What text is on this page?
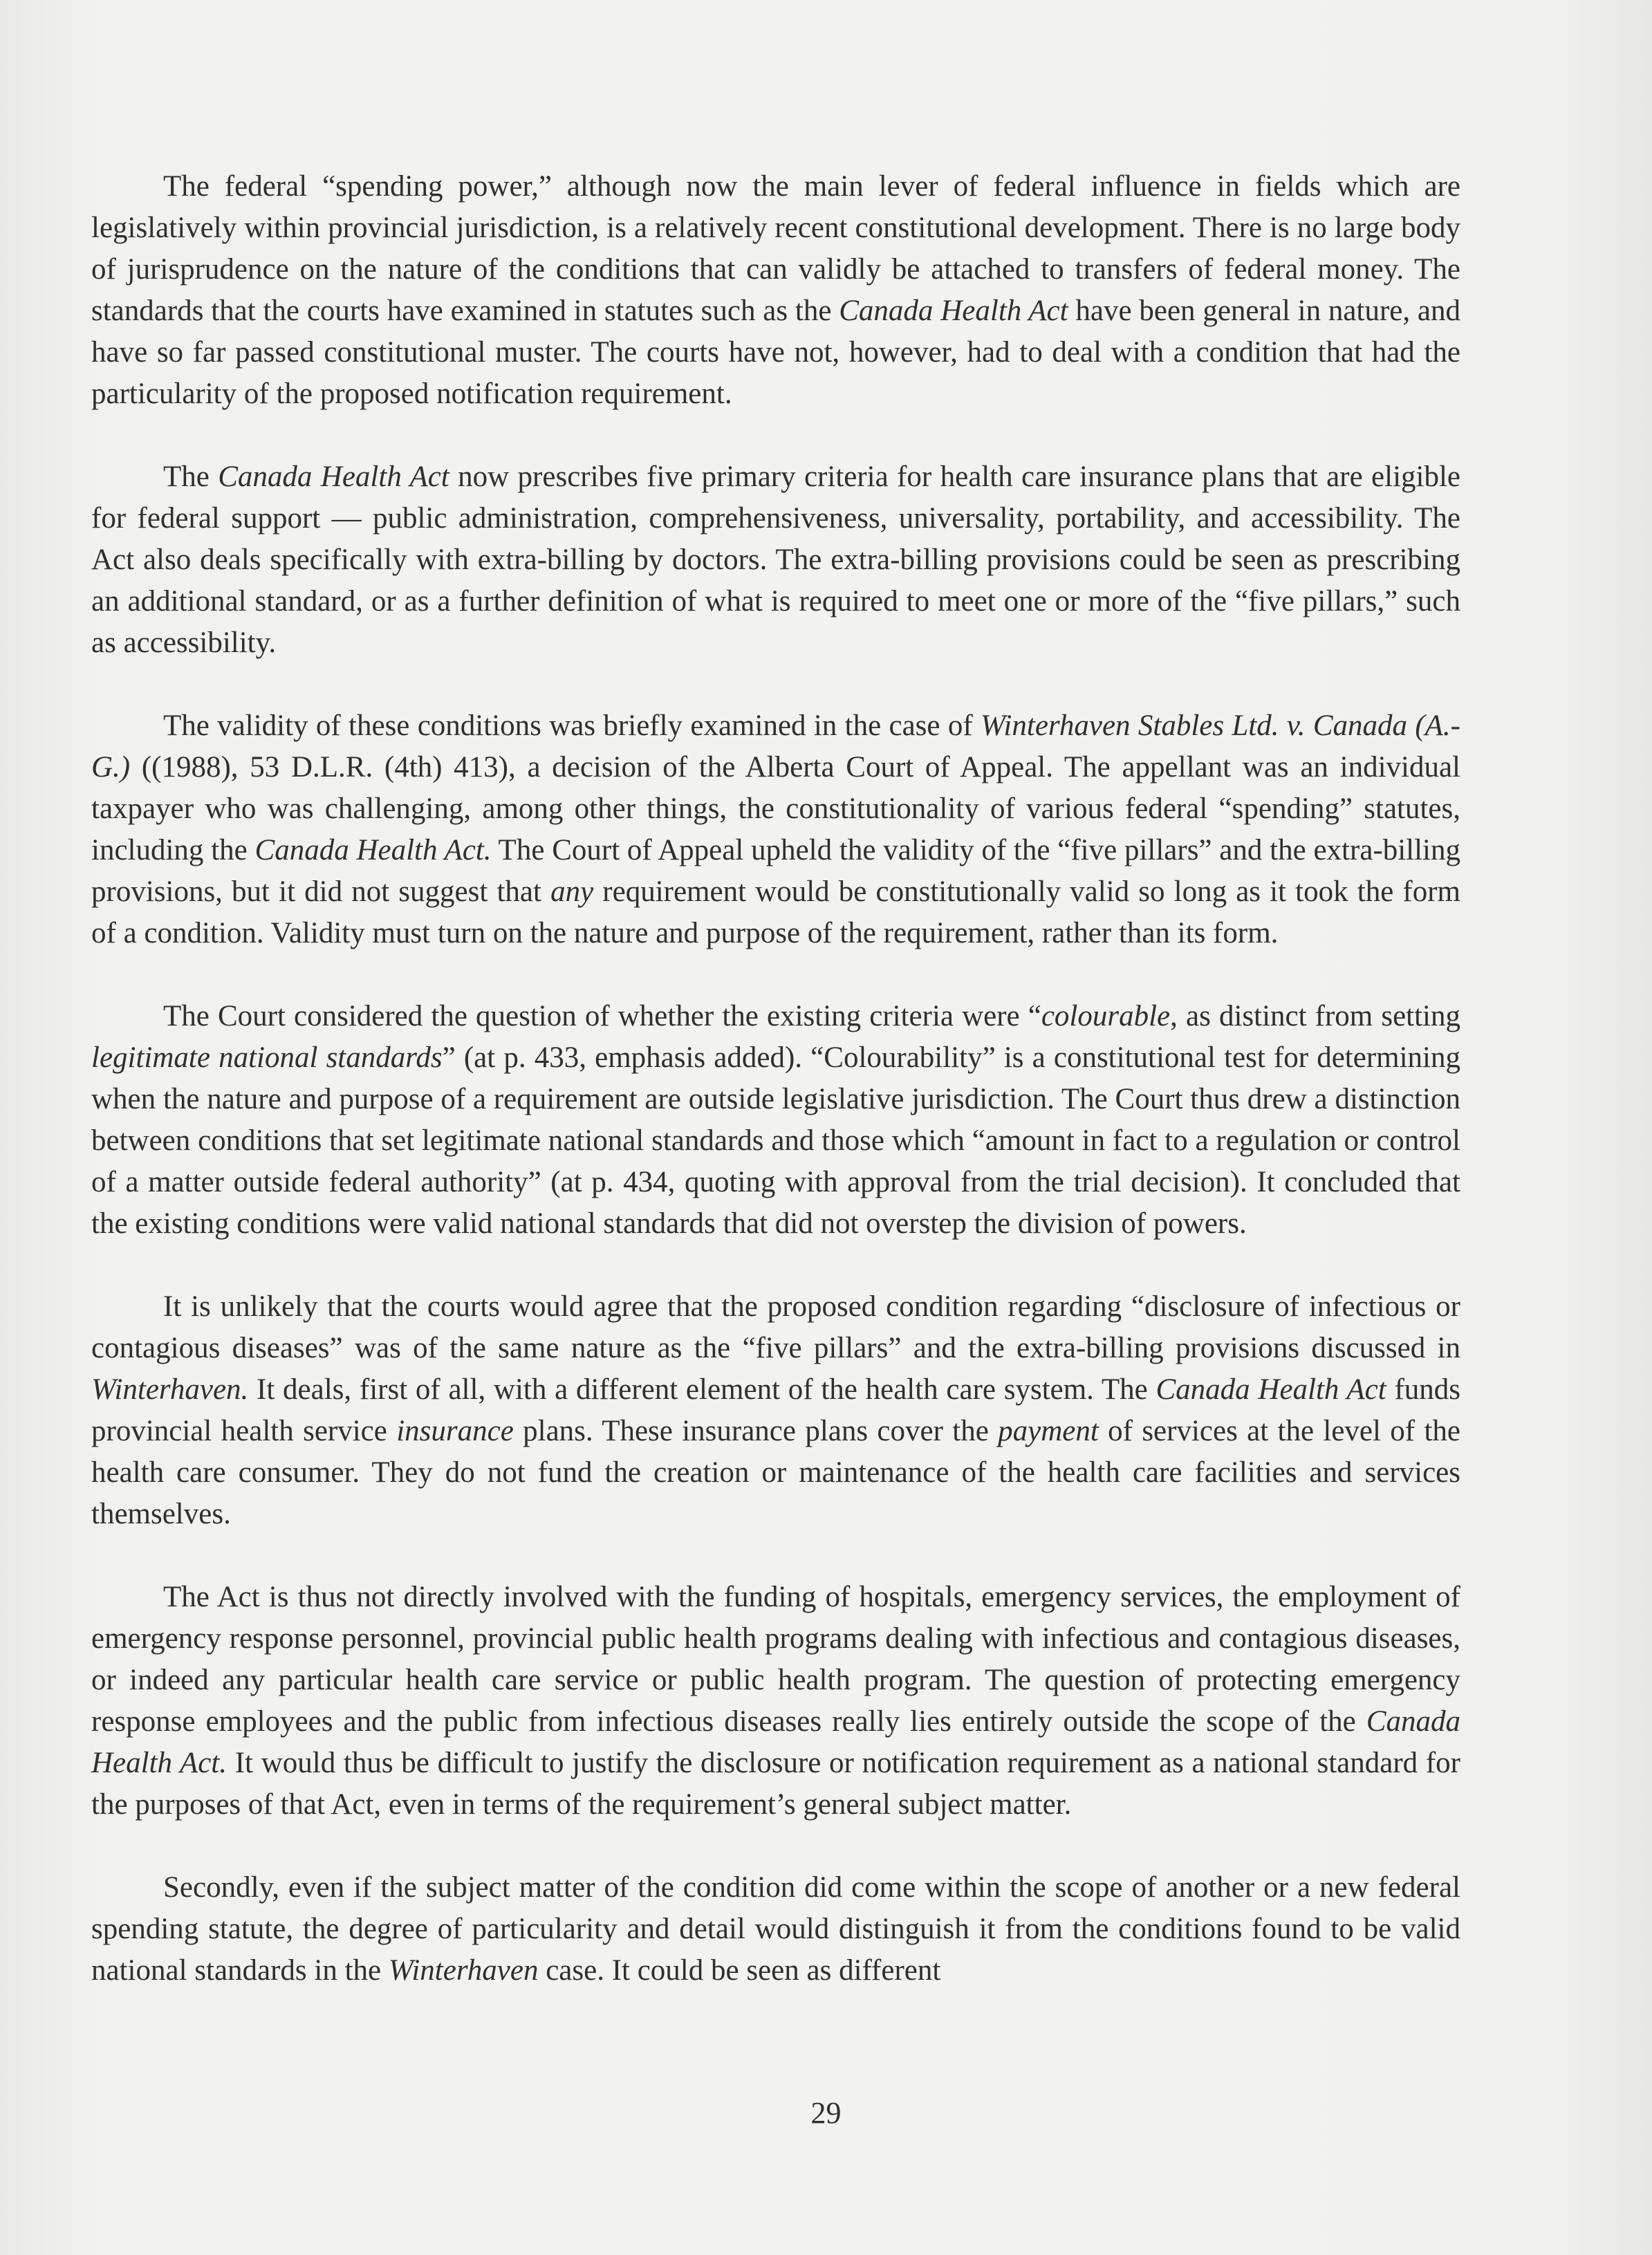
The federal “spending power,” although now the main lever of federal influence in fields which are legislatively within provincial jurisdiction, is a relatively recent constitutional development. There is no large body of jurisprudence on the nature of the conditions that can validly be attached to transfers of federal money. The standards that the courts have examined in statutes such as the Canada Health Act have been general in nature, and have so far passed constitutional muster. The courts have not, however, had to deal with a condition that had the particularity of the proposed notification requirement.

The Canada Health Act now prescribes five primary criteria for health care insurance plans that are eligible for federal support — public administration, comprehensiveness, universality, portability, and accessibility. The Act also deals specifically with extra-billing by doctors. The extra-billing provisions could be seen as prescribing an additional standard, or as a further definition of what is required to meet one or more of the “five pillars,” such as accessibility.

The validity of these conditions was briefly examined in the case of Winterhaven Stables Ltd. v. Canada (A.-G.) ((1988), 53 D.L.R. (4th) 413), a decision of the Alberta Court of Appeal. The appellant was an individual taxpayer who was challenging, among other things, the constitutionality of various federal “spending” statutes, including the Canada Health Act. The Court of Appeal upheld the validity of the “five pillars” and the extra-billing provisions, but it did not suggest that any requirement would be constitutionally valid so long as it took the form of a condition. Validity must turn on the nature and purpose of the requirement, rather than its form.

The Court considered the question of whether the existing criteria were “colourable, as distinct from setting legitimate national standards” (at p. 433, emphasis added). “Colourability” is a constitutional test for determining when the nature and purpose of a requirement are outside legislative jurisdiction. The Court thus drew a distinction between conditions that set legitimate national standards and those which “amount in fact to a regulation or control of a matter outside federal authority” (at p. 434, quoting with approval from the trial decision). It concluded that the existing conditions were valid national standards that did not overstep the division of powers.

It is unlikely that the courts would agree that the proposed condition regarding “disclosure of infectious or contagious diseases” was of the same nature as the “five pillars” and the extra-billing provisions discussed in Winterhaven. It deals, first of all, with a different element of the health care system. The Canada Health Act funds provincial health service insurance plans. These insurance plans cover the payment of services at the level of the health care consumer. They do not fund the creation or maintenance of the health care facilities and services themselves.

The Act is thus not directly involved with the funding of hospitals, emergency services, the employment of emergency response personnel, provincial public health programs dealing with infectious and contagious diseases, or indeed any particular health care service or public health program. The question of protecting emergency response employees and the public from infectious diseases really lies entirely outside the scope of the Canada Health Act. It would thus be difficult to justify the disclosure or notification requirement as a national standard for the purposes of that Act, even in terms of the requirement’s general subject matter.

Secondly, even if the subject matter of the condition did come within the scope of another or a new federal spending statute, the degree of particularity and detail would distinguish it from the conditions found to be valid national standards in the Winterhaven case. It could be seen as different

29
